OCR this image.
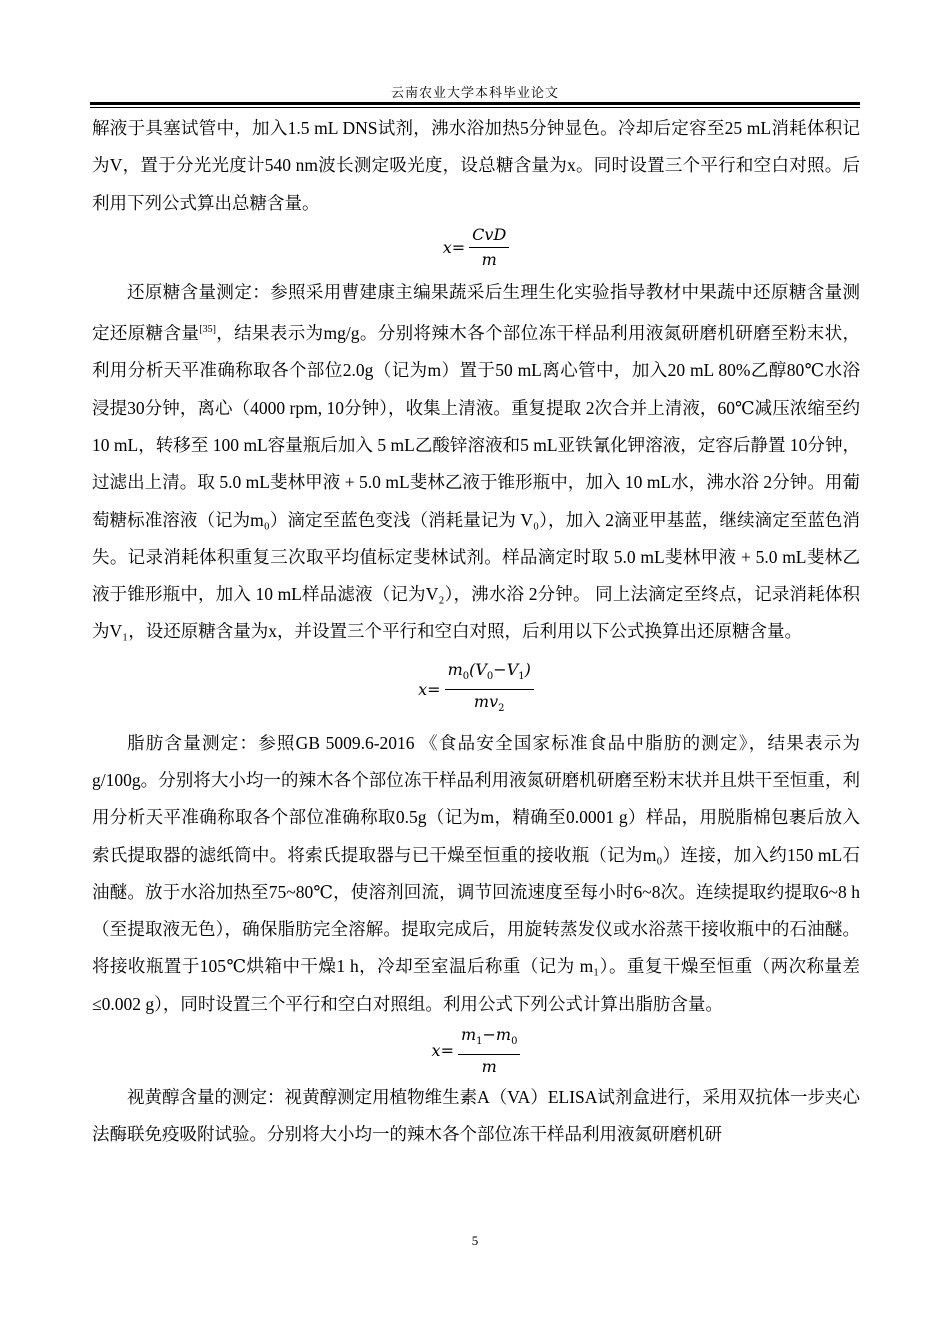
云南农业大学本科毕业论文

解液于具塞试管中，加入1.5 mL DNS试剂，沸水浴加热5分钟显色。冷却后定容至25 mL消耗体积记为V，置于分光光度计540 nm波长测定吸光度，设总糖含量为x。同时设置三个平行和空白对照。后利用下列公式算出总糖含量。

$x = \frac{\text{CvD}}{m}$

还原糖含量测定：参照采用曹建康主编果蔬采后生理生化实验指导教材中果蔬中还原糖含量测定还原糖含量[35]，结果表示为mg/g。分别将辣木各个部位冻干样品利用液氮研磨机研磨至粉末状，利用分析天平准确称取各个部位2.0g（记为m）置于50 mL离心管中，加入20 mL 80%乙醇80℃水浴浸提30分钟，离心（4000 rpm, 10分钟），收集上清液。重复提取 2次合并上清液，60℃减压浓缩至约 10 mL，转移至 100 mL容量瓶后加入 5 mL乙酸锌溶液和5 mL亚铁氰化钾溶液，定容后静置 10分钟，过滤出上清。取 5.0 mL斐林甲液 + 5.0 mL斐林乙液于锥形瓶中，加入 10 mL水，沸水浴 2分钟。用葡萄糖标准溶液（记为m₀）滴定至蓝色变浅（消耗量记为 V₀），加入 2滴亚甲基蓝，继续滴定至蓝色消失。记录消耗体积重复三次取平均值标定斐林试剂。样品滴定时取 5.0 mL斐林甲液 + 5.0 mL斐林乙液于锥形瓶中，加入 10 mL样品滤液（记为V₂），沸水浴 2分钟。 同上法滴定至终点，记录消耗体积为V₁，设还原糖含量为x，并设置三个平行和空白对照，后利用以下公式换算出还原糖含量。

$x = \frac{m_0(V_0-V_1)}{mv_2}$

脂肪含量测定：参照GB 5009.6-2016 《食品安全国家标准食品中脂肪的测定》，结果表示为g/100g。分别将大小均一的辣木各个部位冻干样品利用液氮研磨机研磨至粉末状并且烘干至恒重，利用分析天平准确称取各个部位准确称取0.5g（记为m，精确至0.0001 g）样品，用脱脂棉包裹后放入索氏提取器的滤纸筒中。将索氏提取器与已干燥至恒重的接收瓶（记为m₀）连接，加入约150 mL石油醚。放于水浴加热至75~80℃，使溶剂回流，调节回流速度至每小时6~8次。连续提取约提取6~8 h（至提取液无色），确保脂肪完全溶解。提取完成后，用旋转蒸发仪或水浴蒸干接收瓶中的石油醚。将接收瓶置于105℃烘箱中干燥1 h，冷却至室温后称重（记为 m₁）。重复干燥至恒重（两次称量差≤0.002 g），同时设置三个平行和空白对照组。利用公式下列公式计算出脂肪含量。

$x = \frac{m_1-m_0}{m}$

视黄醇含量的测定：视黄醇测定用植物维生素A（VA）ELISA试剂盒进行，采用双抗体一步夹心法酶联免疫吸附试验。分别将大小均一的辣木各个部位冻干样品利用液氮研磨机研

5
